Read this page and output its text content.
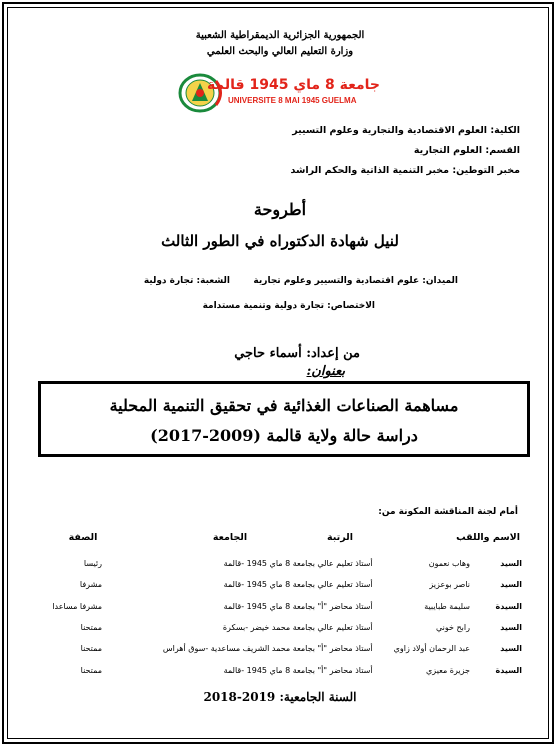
الجمهورية الجزائرية الديمقراطية الشعبية
وزارة التعليم العالي والبحث العلمي
جامعة 8 ماي 1945 قالمة
UNIVERSITE 8 MAI 1945 GUELMA
الكلية: العلوم الاقتصادية والتجارية وعلوم التسيير
القسم: العلوم التجارية
مخبر التوطين: مخبر التنمية الذاتية والحكم الراشد
أطروحة
لنيل شهادة الدكتوراه في الطور الثالث
الميدان: علوم اقتصادية والتسيير وعلوم تجارية
الشعبة: تجارة دولية
الاختصاص: تجارة دولية وتنمية مستدامة
من إعداد: أسماء حاجي
بعنوان:
مساهمة الصناعات الغذائية في تحقيق التنمية المحلية
دراسة حالة ولاية قالمة (2009-2017)
أمام لجنة المناقشة المكونة من:
الاسم واللقب
الرتبة
الجامعة
الصفة
السيد
وهاب نعمون
أستاذ تعليم عالي
بجامعة 8 ماي 1945 -قالمة
رئيسا
السيد
ناصر بوعزيز
أستاذ تعليم عالي
بجامعة 8 ماي 1945 -قالمة
مشرفا
السيدة
سليمة طبايبية
أستاذ محاضر "أ"
بجامعة 8 ماي 1945 -قالمة
مشرفا مساعدا
السيد
رابح خوني
أستاذ تعليم عالي
بجامعة محمد خيضر -بسكرة
ممتحنا
السيد
عبد الرحمان أولاد زاوي
أستاذ محاضر "أ"
بجامعة محمد الشريف مساعدية -سوق أهراس
ممتحنا
السيدة
جزيرة معيزي
أستاذ محاضر "أ"
بجامعة 8 ماي 1945 -قالمة
ممتحنا
السنة الجامعية: 2019-2018
